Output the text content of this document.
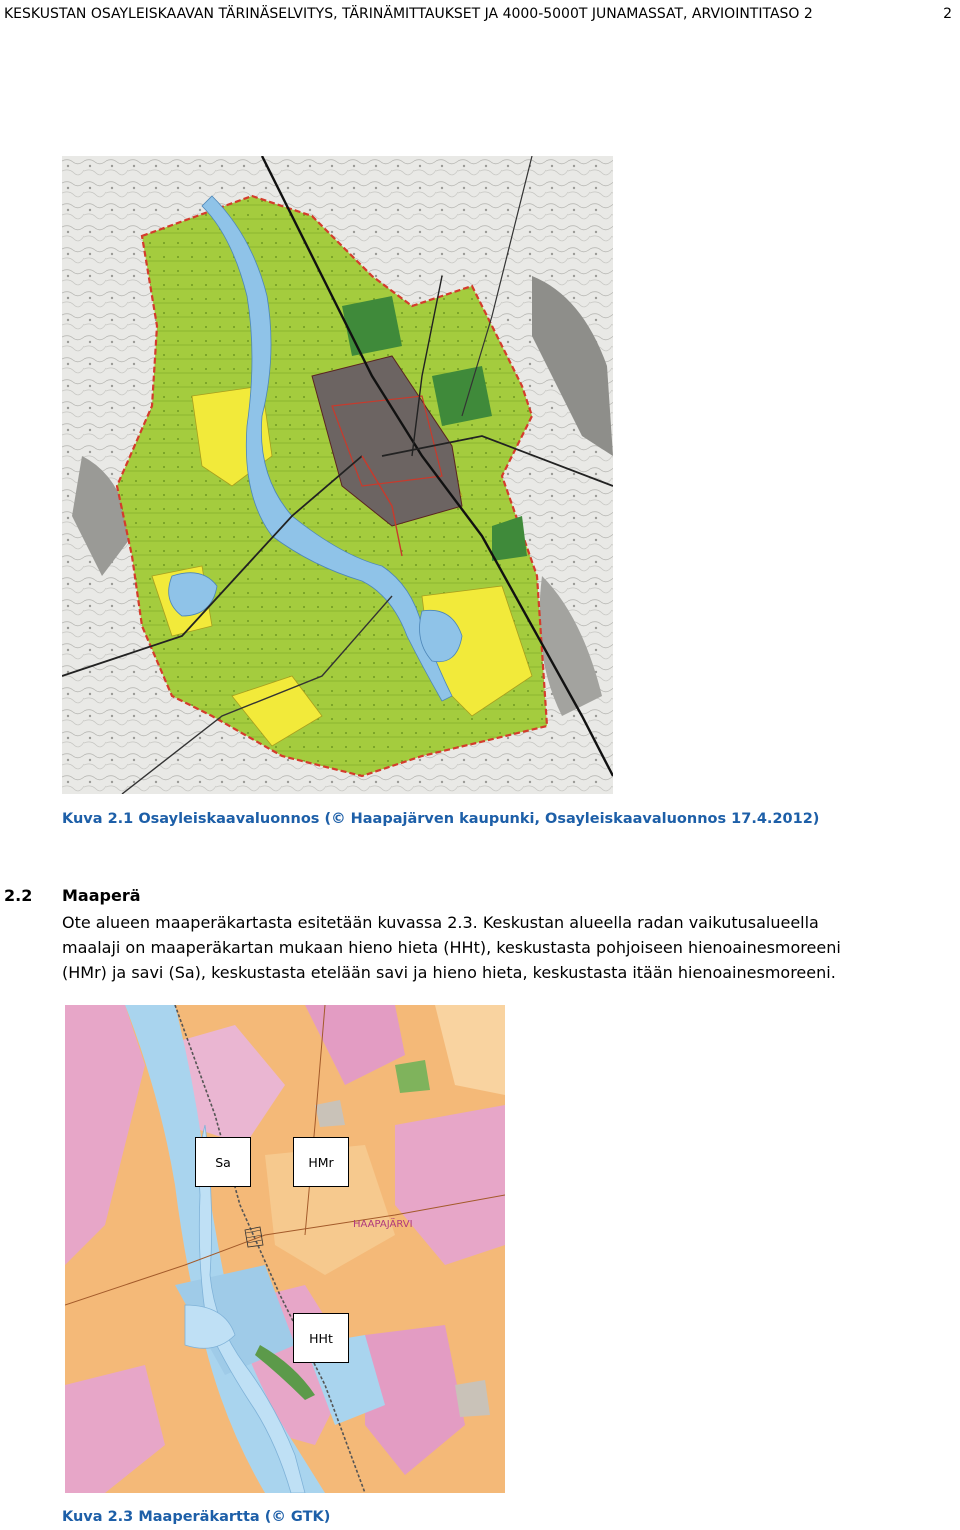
KESKUSTAN OSAYLEISKAAVAN TÄRINÄSELVITYS, TÄRINÄMITTAUKSET JA 4000-5000T JUNAMASSAT, ARVIOINTITASO 2	2
Kuva 2.1 Osayleiskaavaluonnos (© Haapajärven kaupunki, Osayleiskaavaluonnos 17.4.2012)
2.2 Maaperä
Ote alueen maaperäkartasta esitetään kuvassa 2.3. Keskustan alueella radan vaikutusalueella
maalaji on maaperäkartan mukaan hieno hieta (HHt), keskustasta pohjoiseen hienoainesmoreeni
(HMr) ja savi (Sa), keskustasta etelään savi ja hieno hieta, keskustasta itään hienoainesmoreeni.
HAAPAJÄRVI
Sa	HMr
HHt
Kuva 2.3 Maaperäkartta (© GTK)
